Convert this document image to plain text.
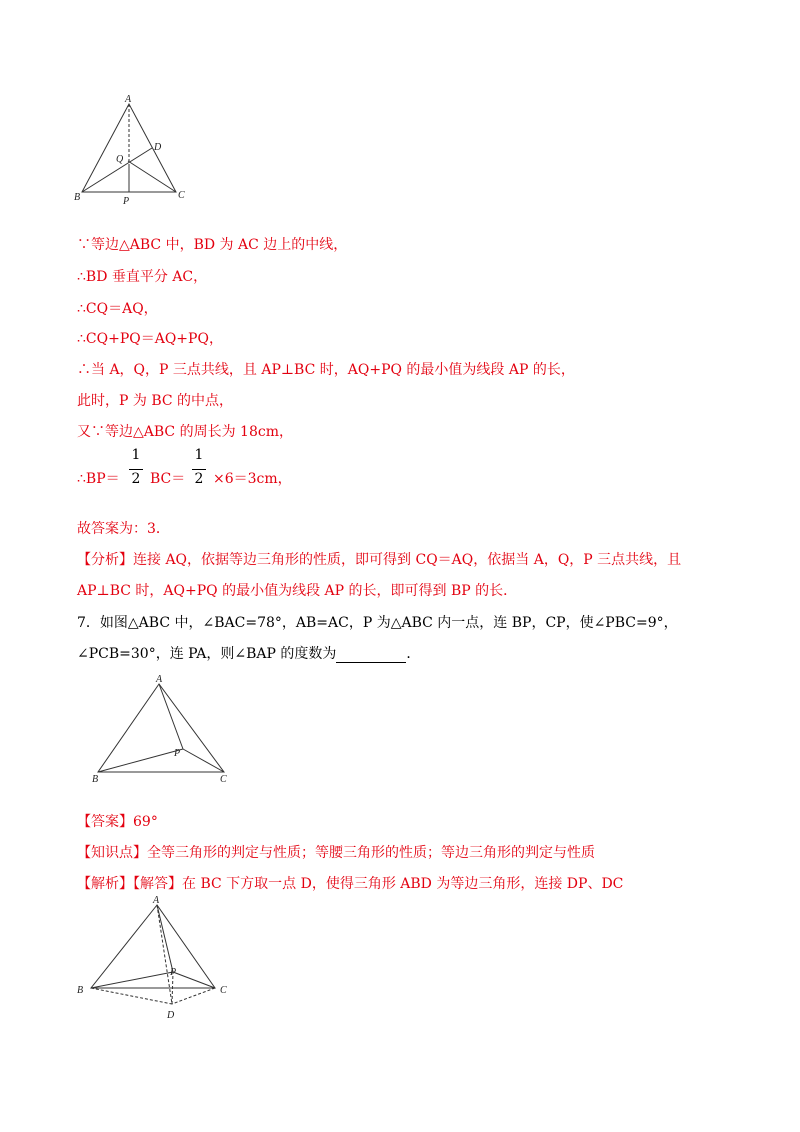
A
D
Q
B	P
C
∵等边△ABC 中，BD 为 AC 边上的中线，
∴BD 垂直平分 AC，
∴CQ＝AQ，
∴CQ+PQ＝AQ+PQ，
∴当 A，Q，P 三点共线，且 AP⊥BC 时，AQ+PQ 的最小值为线段 AP 的长，
此时，P 为 BC 的中点，
又∵等边△ABC 的周长为 18cm，
∴BP＝
1
2 BC＝
1
2 ×6＝3cm，
故答案为：3．
【分析】连接 AQ，依据等边三角形的性质，即可得到 CQ＝AQ，依据当 A，Q，P 三点共线，且
AP⊥BC 时，AQ+PQ 的最小值为线段 AP 的长，即可得到 BP 的长．
7．如图△ABC 中，∠BAC=78°，AB=AC，P 为△ABC 内一点，连 BP，CP，使∠PBC=9°，
∠PCB=30°，连 PA，则∠BAP 的度数为	．
A
P
B	C
【答案】69°
【知识点】全等三角形的判定与性质；等腰三角形的性质；等边三角形的判定与性质
【解析】【解答】在 BC 下方取一点 D，使得三角形 ABD 为等边三角形，连接 DP、DC
A
P
B	C
D
